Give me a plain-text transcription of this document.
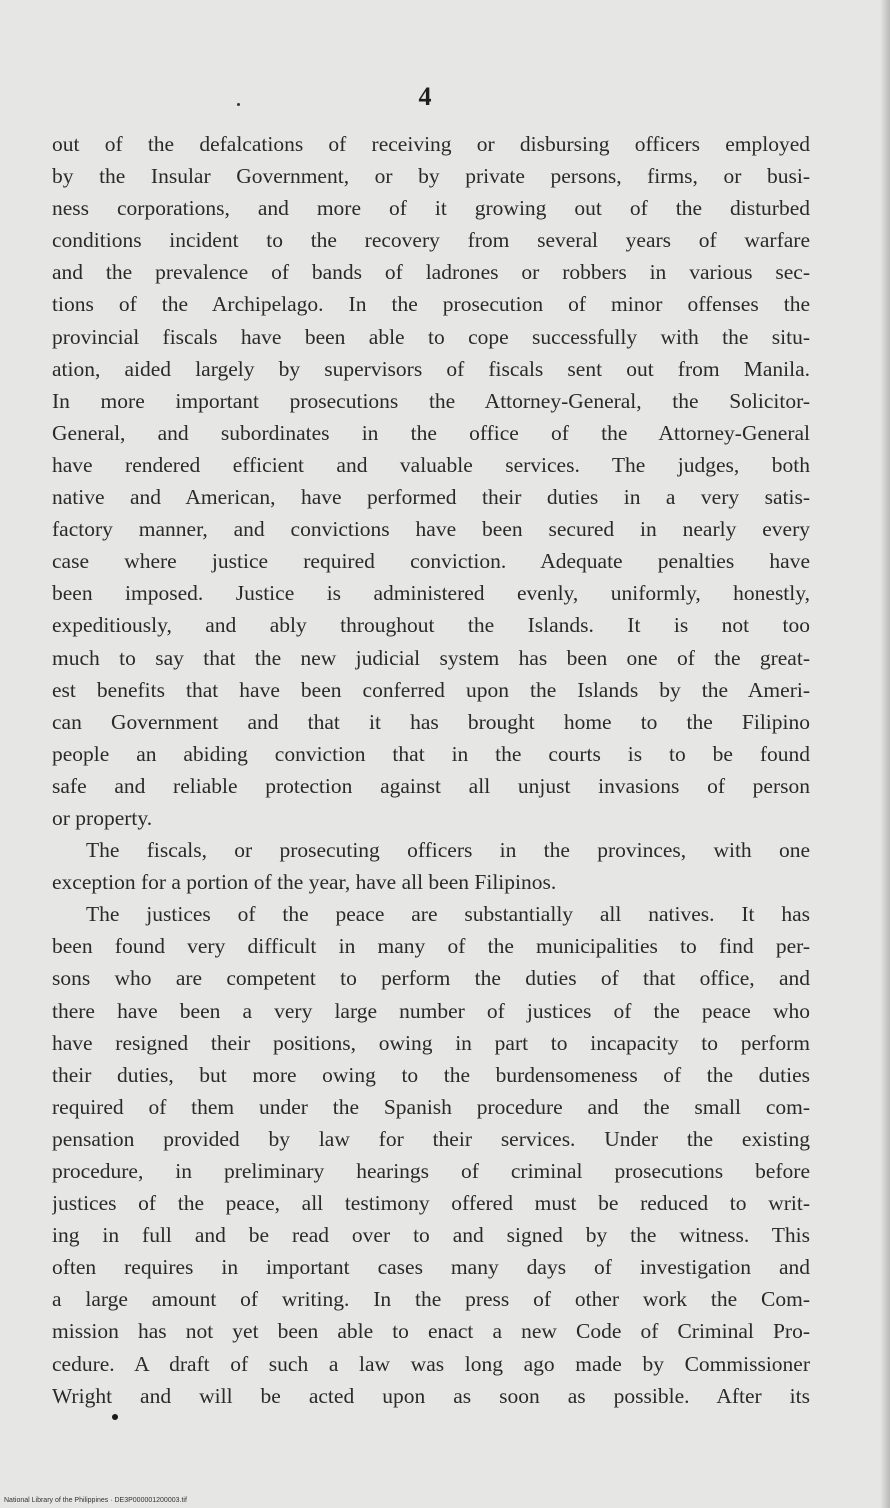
4
out of the defalcations of receiving or disbursing officers employed
by the Insular Government, or by private persons, firms, or busi-
ness corporations, and more of it growing out of the disturbed
conditions incident to the recovery from several years of warfare
and the prevalence of bands of ladrones or robbers in various sec-
tions of the Archipelago. In the prosecution of minor offenses the
provincial fiscals have been able to cope successfully with the situ-
ation, aided largely by supervisors of fiscals sent out from Manila.
In more important prosecutions the Attorney-General, the Solicitor-
General, and subordinates in the office of the Attorney-General
have rendered efficient and valuable services. The judges, both
native and American, have performed their duties in a very satis-
factory manner, and convictions have been secured in nearly every
case where justice required conviction. Adequate penalties have
been imposed. Justice is administered evenly, uniformly, honestly,
expeditiously, and ably throughout the Islands. It is not too
much to say that the new judicial system has been one of the great-
est benefits that have been conferred upon the Islands by the Ameri-
can Government and that it has brought home to the Filipino
people an abiding conviction that in the courts is to be found
safe and reliable protection against all unjust invasions of person
or property.
The fiscals, or prosecuting officers in the provinces, with one
exception for a portion of the year, have all been Filipinos.
The justices of the peace are substantially all natives. It has
been found very difficult in many of the municipalities to find per-
sons who are competent to perform the duties of that office, and
there have been a very large number of justices of the peace who
have resigned their positions, owing in part to incapacity to perform
their duties, but more owing to the burdensomeness of the duties
required of them under the Spanish procedure and the small com-
pensation provided by law for their services. Under the existing
procedure, in preliminary hearings of criminal prosecutions before
justices of the peace, all testimony offered must be reduced to writ-
ing in full and be read over to and signed by the witness. This
often requires in important cases many days of investigation and
a large amount of writing. In the press of other work the Com-
mission has not yet been able to enact a new Code of Criminal Pro-
cedure. A draft of such a law was long ago made by Commissioner
Wright and will be acted upon as soon as possible. After its
National Library of the Philippines · DE3P000001200003.tif
